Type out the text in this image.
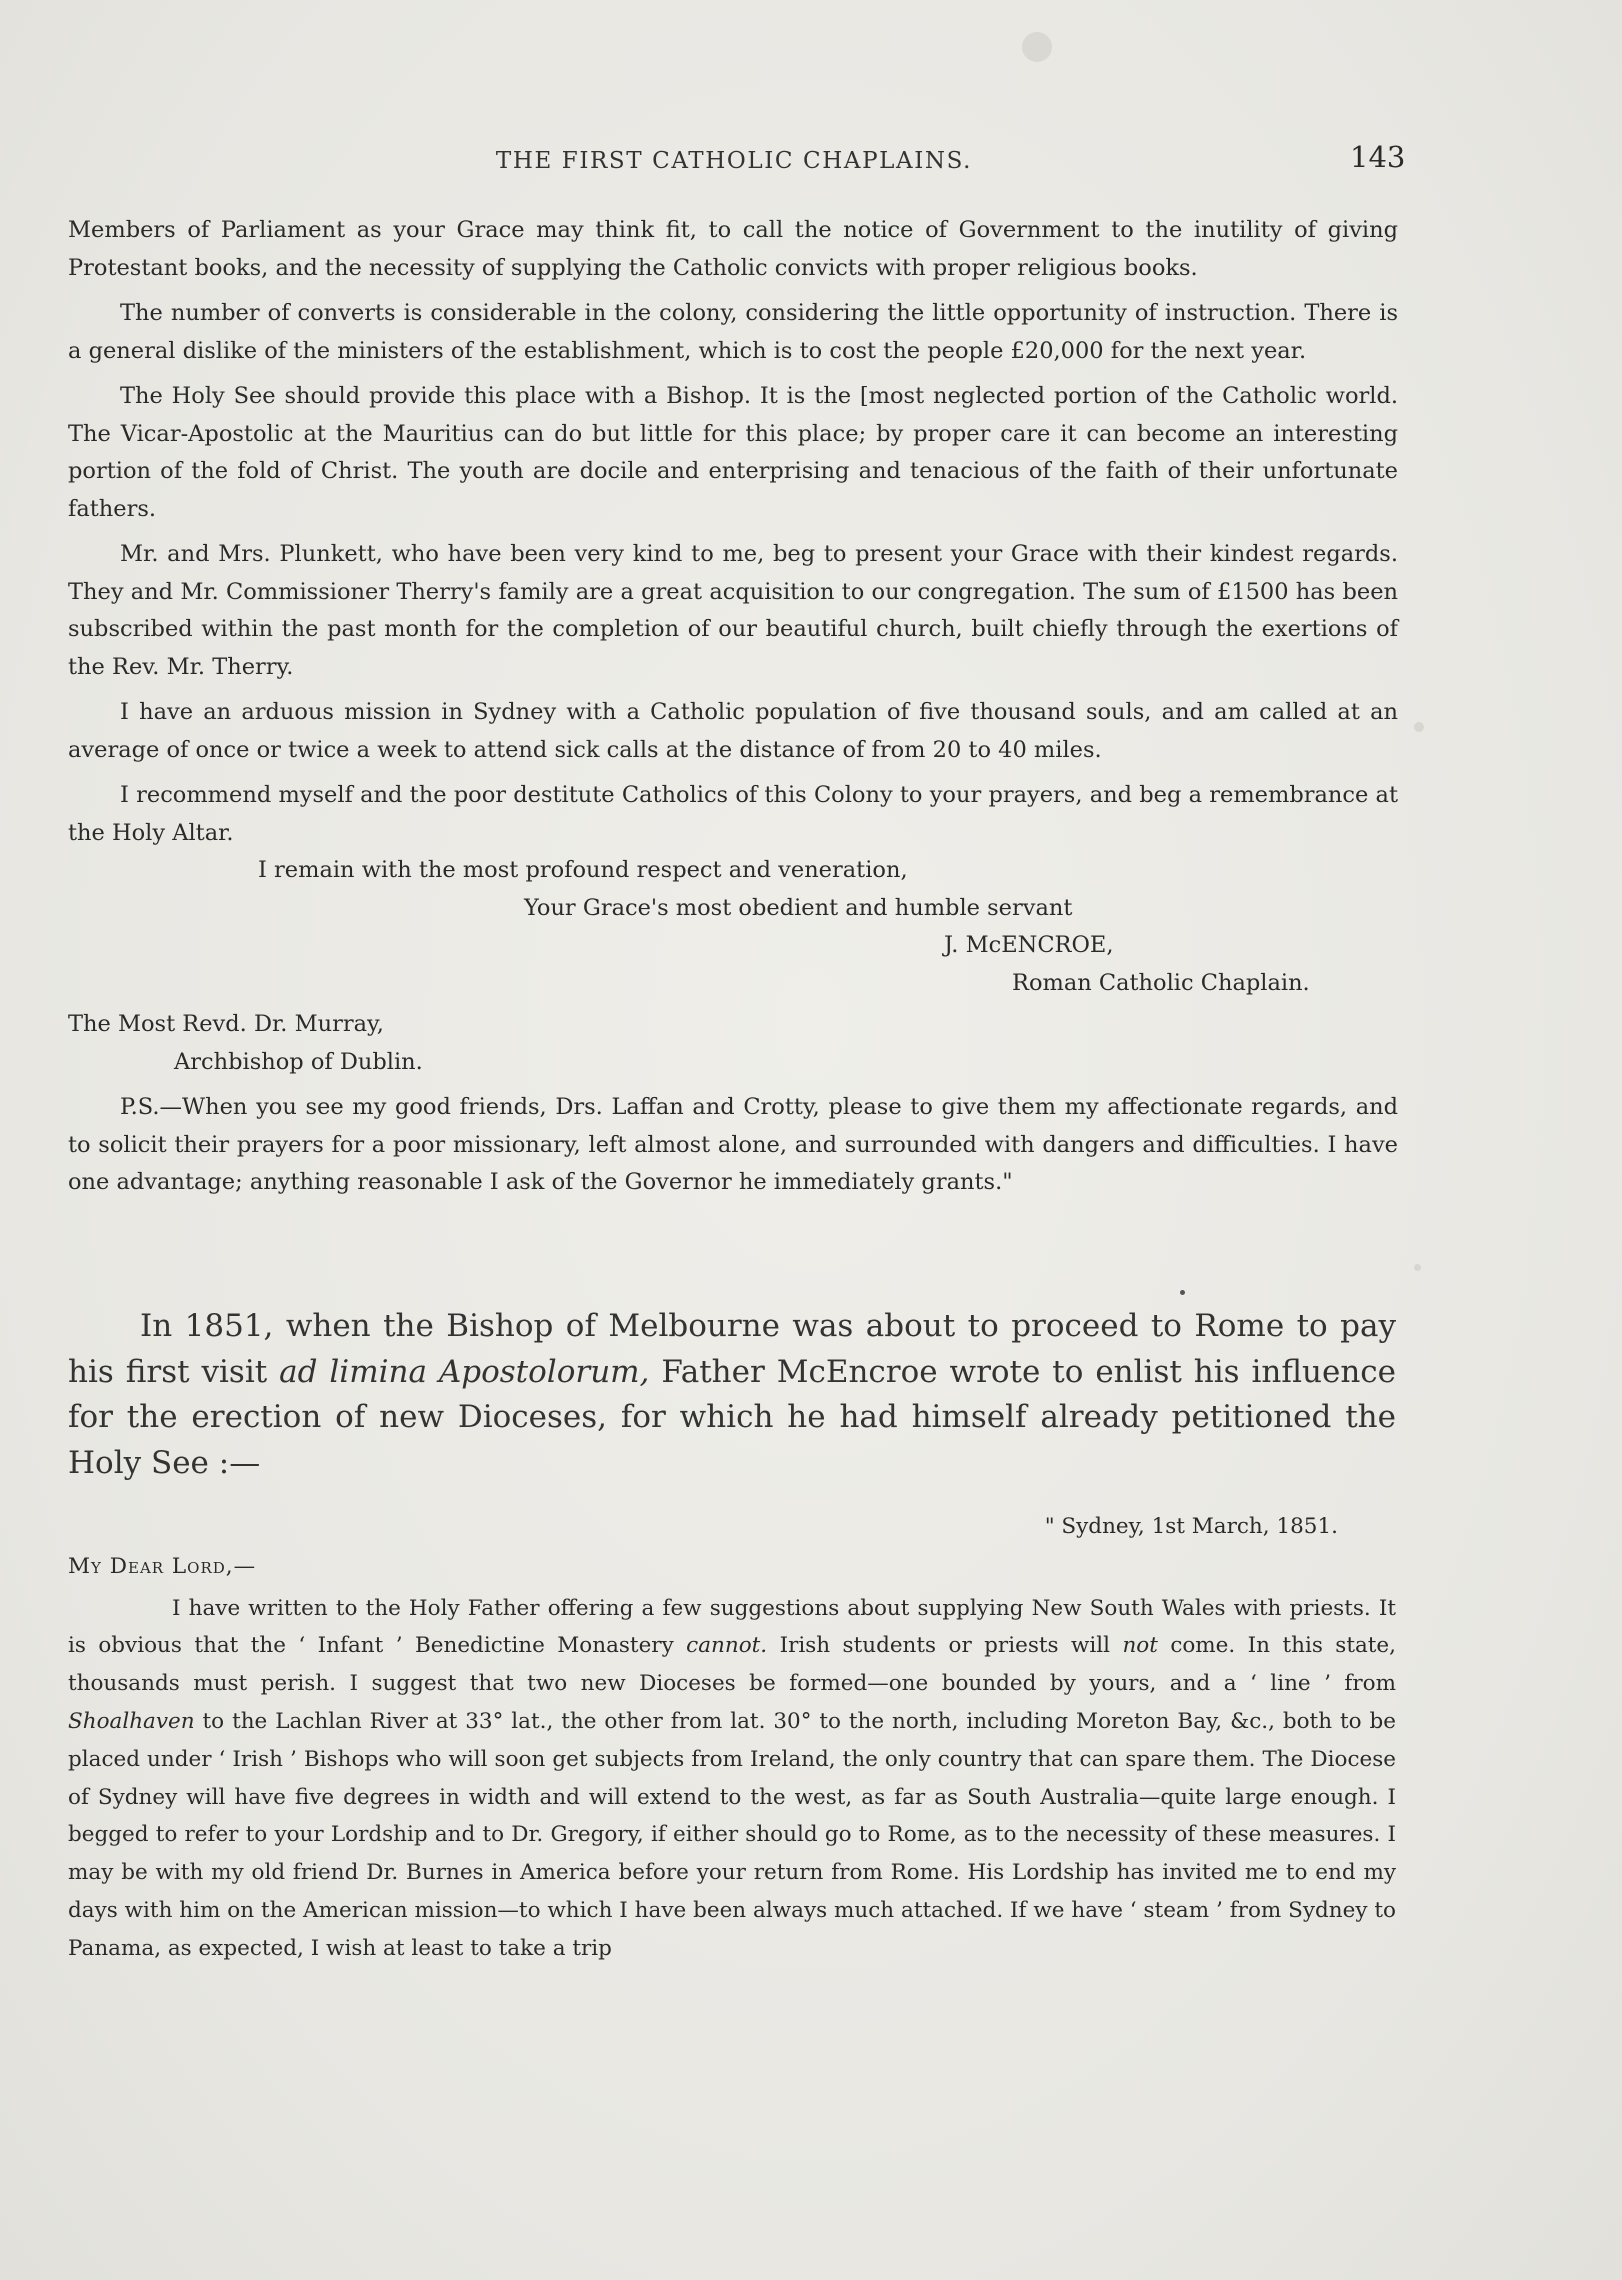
THE FIRST CATHOLIC CHAPLAINS.	143

Members of Parliament as your Grace may think fit, to call the notice of Government to the inutility of giving Protestant books, and the necessity of supplying the Catholic convicts with proper religious books.

The number of converts is considerable in the colony, considering the little opportunity of instruction. There is a general dislike of the ministers of the establishment, which is to cost the people £20,000 for the next year.

The Holy See should provide this place with a Bishop. It is the [most neglected portion of the Catholic world. The Vicar-Apostolic at the Mauritius can do but little for this place; by proper care it can become an interesting portion of the fold of Christ. The youth are docile and enterprising and tenacious of the faith of their unfortunate fathers.

Mr. and Mrs. Plunkett, who have been very kind to me, beg to present your Grace with their kindest regards. They and Mr. Commissioner Therry's family are a great acquisition to our congregation. The sum of £1500 has been subscribed within the past month for the completion of our beautiful church, built chiefly through the exertions of the Rev. Mr. Therry.

I have an arduous mission in Sydney with a Catholic population of five thousand souls, and am called at an average of once or twice a week to attend sick calls at the distance of from 20 to 40 miles.

I recommend myself and the poor destitute Catholics of this Colony to your prayers, and beg a remembrance at the Holy Altar.

I remain with the most profound respect and veneration,

Your Grace's most obedient and humble servant

J. McENCROE,

Roman Catholic Chaplain.

The Most Revd. Dr. Murray,

Archbishop of Dublin.

P.S.—When you see my good friends, Drs. Laffan and Crotty, please to give them my affectionate regards, and to solicit their prayers for a poor missionary, left almost alone, and surrounded with dangers and difficulties. I have one advantage; anything reasonable I ask of the Governor he immediately grants."

In 1851, when the Bishop of Melbourne was about to proceed to Rome to pay his first visit ad limina Apostolorum, Father McEncroe wrote to enlist his influence for the erection of new Dioceses, for which he had himself already petitioned the Holy See :—

" Sydney, 1st March, 1851.

My Dear Lord,—

I have written to the Holy Father offering a few suggestions about supplying New South Wales with priests. It is obvious that the ‘ Infant ’ Benedictine Monastery cannot. Irish students or priests will not come. In this state, thousands must perish. I suggest that two new Dioceses be formed—one bounded by yours, and a ‘ line ’ from Shoalhaven to the Lachlan River at 33° lat., the other from lat. 30° to the north, including Moreton Bay, &c., both to be placed under ‘ Irish ’ Bishops who will soon get subjects from Ireland, the only country that can spare them. The Diocese of Sydney will have five degrees in width and will extend to the west, as far as South Australia—quite large enough. I begged to refer to your Lordship and to Dr. Gregory, if either should go to Rome, as to the necessity of these measures. I may be with my old friend Dr. Burnes in America before your return from Rome. His Lordship has invited me to end my days with him on the American mission—to which I have been always much attached. If we have ‘ steam ’ from Sydney to Panama, as expected, I wish at least to take a trip
